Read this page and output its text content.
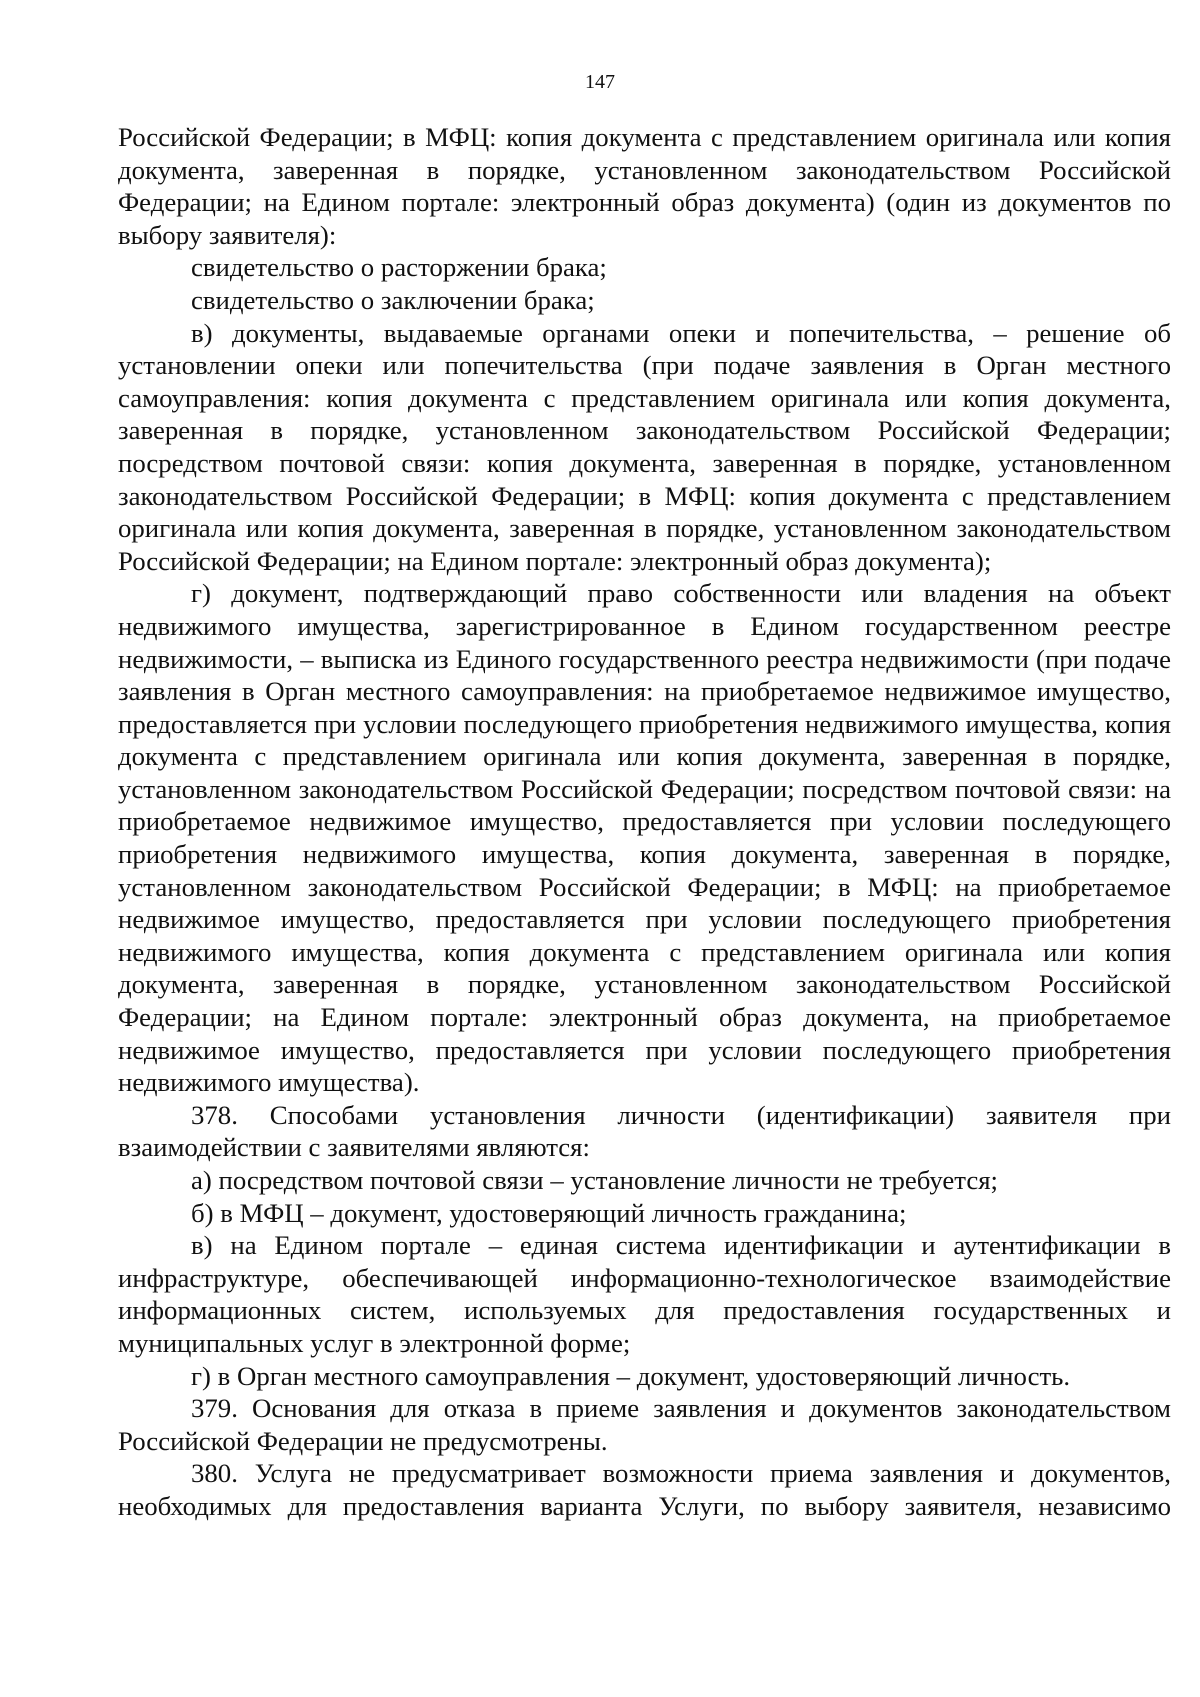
147

Российской Федерации; в МФЦ: копия документа с представлением оригинала или копия документа, заверенная в порядке, установленном законодательством Российской Федерации; на Едином портале: электронный образ документа) (один из документов по выбору заявителя):

свидетельство о расторжении брака;

свидетельство о заключении брака;

в) документы, выдаваемые органами опеки и попечительства, – решение об установлении опеки или попечительства (при подаче заявления в Орган местного самоуправления: копия документа с представлением оригинала или копия документа, заверенная в порядке, установленном законодательством Российской Федерации; посредством почтовой связи: копия документа, заверенная в порядке, установленном законодательством Российской Федерации; в МФЦ: копия документа с представлением оригинала или копия документа, заверенная в порядке, установленном законодательством Российской Федерации; на Едином портале: электронный образ документа);

г) документ, подтверждающий право собственности или владения на объект недвижимого имущества, зарегистрированное в Едином государственном реестре недвижимости, – выписка из Единого государственного реестра недвижимости (при подаче заявления в Орган местного самоуправления: на приобретаемое недвижимое имущество, предоставляется при условии последующего приобретения недвижимого имущества, копия документа с представлением оригинала или копия документа, заверенная в порядке, установленном законодательством Российской Федерации; посредством почтовой связи: на приобретаемое недвижимое имущество, предоставляется при условии последующего приобретения недвижимого имущества, копия документа, заверенная в порядке, установленном законодательством Российской Федерации; в МФЦ: на приобретаемое недвижимое имущество, предоставляется при условии последующего приобретения недвижимого имущества, копия документа с представлением оригинала или копия документа, заверенная в порядке, установленном законодательством Российской Федерации; на Едином портале: электронный образ документа, на приобретаемое недвижимое имущество, предоставляется при условии последующего приобретения недвижимого имущества).

378. Способами установления личности (идентификации) заявителя при взаимодействии с заявителями являются:

а) посредством почтовой связи – установление личности не требуется;

б) в МФЦ – документ, удостоверяющий личность гражданина;

в) на Едином портале – единая система идентификации и аутентификации в инфраструктуре, обеспечивающей информационно-технологическое взаимодействие информационных систем, используемых для предоставления государственных и муниципальных услуг в электронной форме;

г) в Орган местного самоуправления – документ, удостоверяющий личность.

379. Основания для отказа в приеме заявления и документов законодательством Российской Федерации не предусмотрены.

380. Услуга не предусматривает возможности приема заявления и документов, необходимых для предоставления варианта Услуги, по выбору заявителя, независимо
